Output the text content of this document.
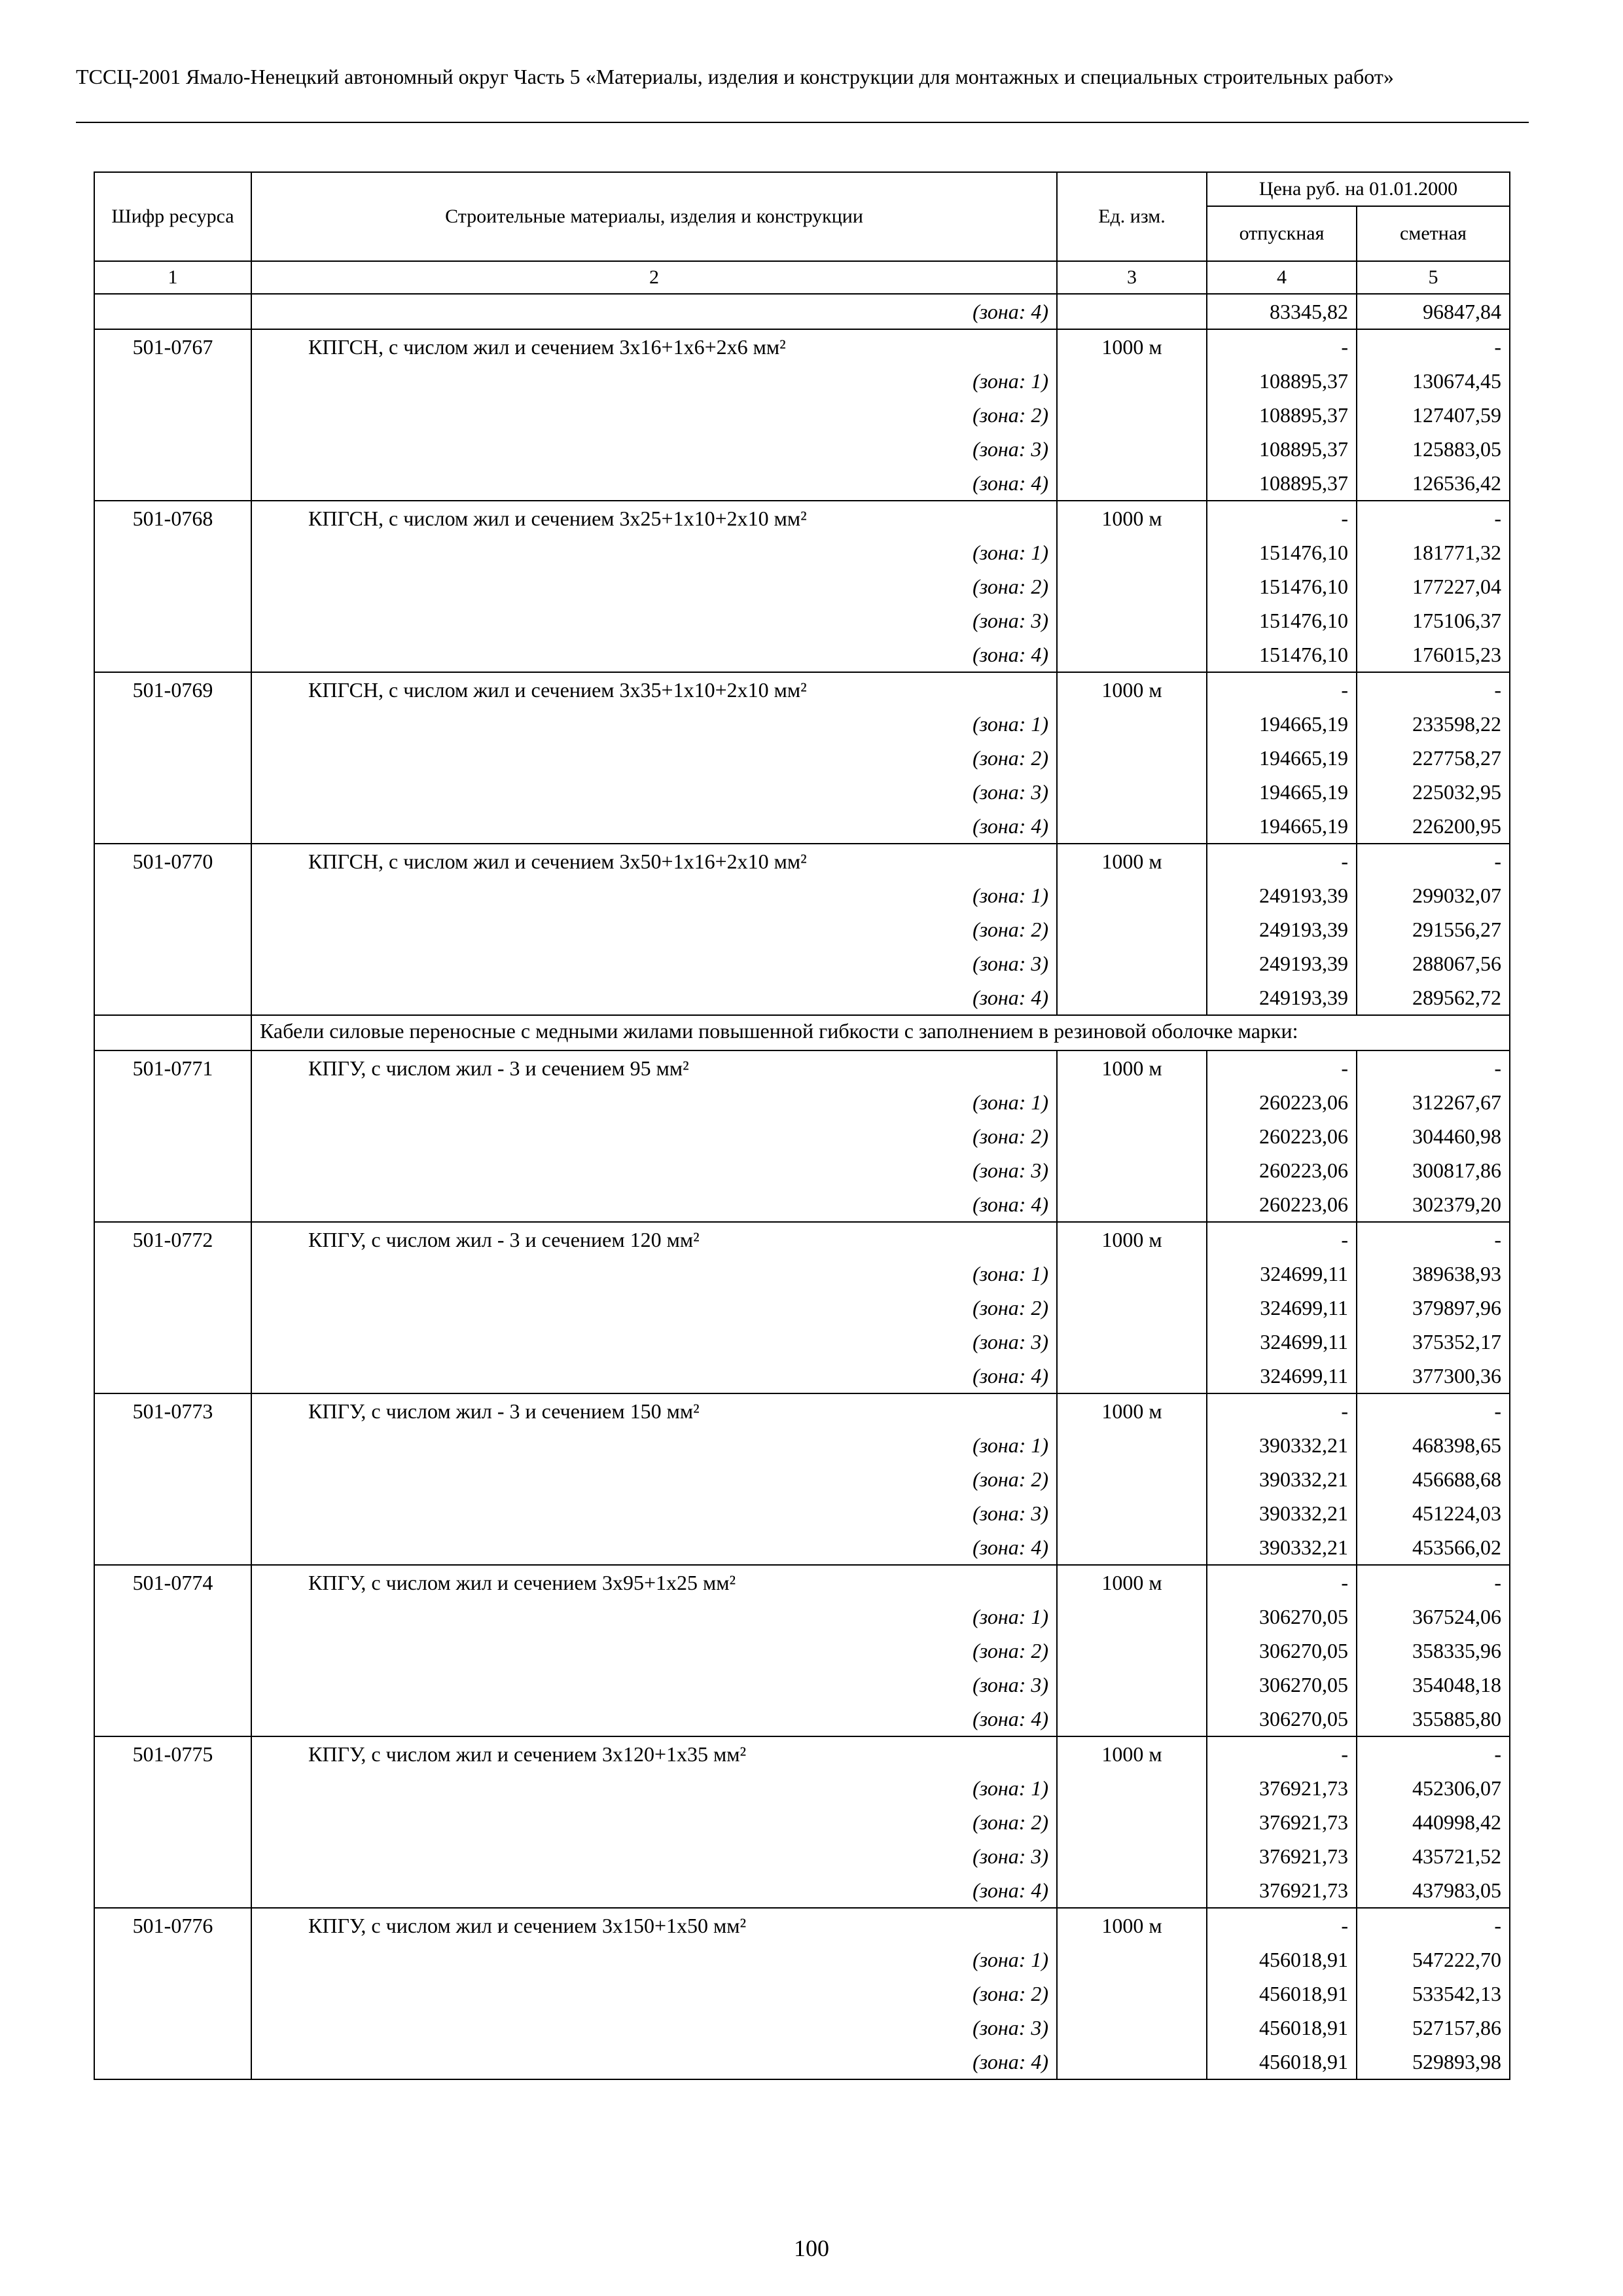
ТССЦ-2001 Ямало-Ненецкий автономный округ Часть 5 «Материалы, изделия и конструкции для монтажных и специальных строительных работ»
Шифр ресурса	Строительные материалы, изделия и конструкции	Ед. изм.	Цена руб. на 01.01.2000	
			отпускная	сметная
1	2	3	4	5
	(зона: 4)		83345,82	96847,84
501-0767	КПГСН, с числом жил и сечением 3х16+1х6+2х6 мм²	1000 м	-	-
	(зона: 1)		108895,37	130674,45
	(зона: 2)		108895,37	127407,59
	(зона: 3)		108895,37	125883,05
	(зона: 4)		108895,37	126536,42
501-0768	КПГСН, с числом жил и сечением 3х25+1х10+2х10 мм²	1000 м	-	-
	(зона: 1)		151476,10	181771,32
	(зона: 2)		151476,10	177227,04
	(зона: 3)		151476,10	175106,37
	(зона: 4)		151476,10	176015,23
501-0769	КПГСН, с числом жил и сечением 3х35+1х10+2х10 мм²	1000 м	-	-
	(зона: 1)		194665,19	233598,22
	(зона: 2)		194665,19	227758,27
	(зона: 3)		194665,19	225032,95
	(зона: 4)		194665,19	226200,95
501-0770	КПГСН, с числом жил и сечением 3х50+1х16+2х10 мм²	1000 м	-	-
	(зона: 1)		249193,39	299032,07
	(зона: 2)		249193,39	291556,27
	(зона: 3)		249193,39	288067,56
	(зона: 4)		249193,39	289562,72
	Кабели силовые переносные с медными жилами повышенной гибкости с заполнением в резиновой оболочке марки:			
501-0771	КПГУ, с числом жил - 3 и сечением 95 мм²	1000 м	-	-
	(зона: 1)		260223,06	312267,67
	(зона: 2)		260223,06	304460,98
	(зона: 3)		260223,06	300817,86
	(зона: 4)		260223,06	302379,20
501-0772	КПГУ, с числом жил - 3 и сечением 120 мм²	1000 м	-	-
	(зона: 1)		324699,11	389638,93
	(зона: 2)		324699,11	379897,96
	(зона: 3)		324699,11	375352,17
	(зона: 4)		324699,11	377300,36
501-0773	КПГУ, с числом жил - 3 и сечением 150 мм²	1000 м	-	-
	(зона: 1)		390332,21	468398,65
	(зона: 2)		390332,21	456688,68
	(зона: 3)		390332,21	451224,03
	(зона: 4)		390332,21	453566,02
501-0774	КПГУ, с числом жил и сечением 3х95+1х25 мм²	1000 м	-	-
	(зона: 1)		306270,05	367524,06
	(зона: 2)		306270,05	358335,96
	(зона: 3)		306270,05	354048,18
	(зона: 4)		306270,05	355885,80
501-0775	КПГУ, с числом жил и сечением 3х120+1х35 мм²	1000 м	-	-
	(зона: 1)		376921,73	452306,07
	(зона: 2)		376921,73	440998,42
	(зона: 3)		376921,73	435721,52
	(зона: 4)		376921,73	437983,05
501-0776	КПГУ, с числом жил и сечением 3х150+1х50 мм²	1000 м	-	-
	(зона: 1)		456018,91	547222,70
	(зона: 2)		456018,91	533542,13
	(зона: 3)		456018,91	527157,86
	(зона: 4)		456018,91	529893,98
100
